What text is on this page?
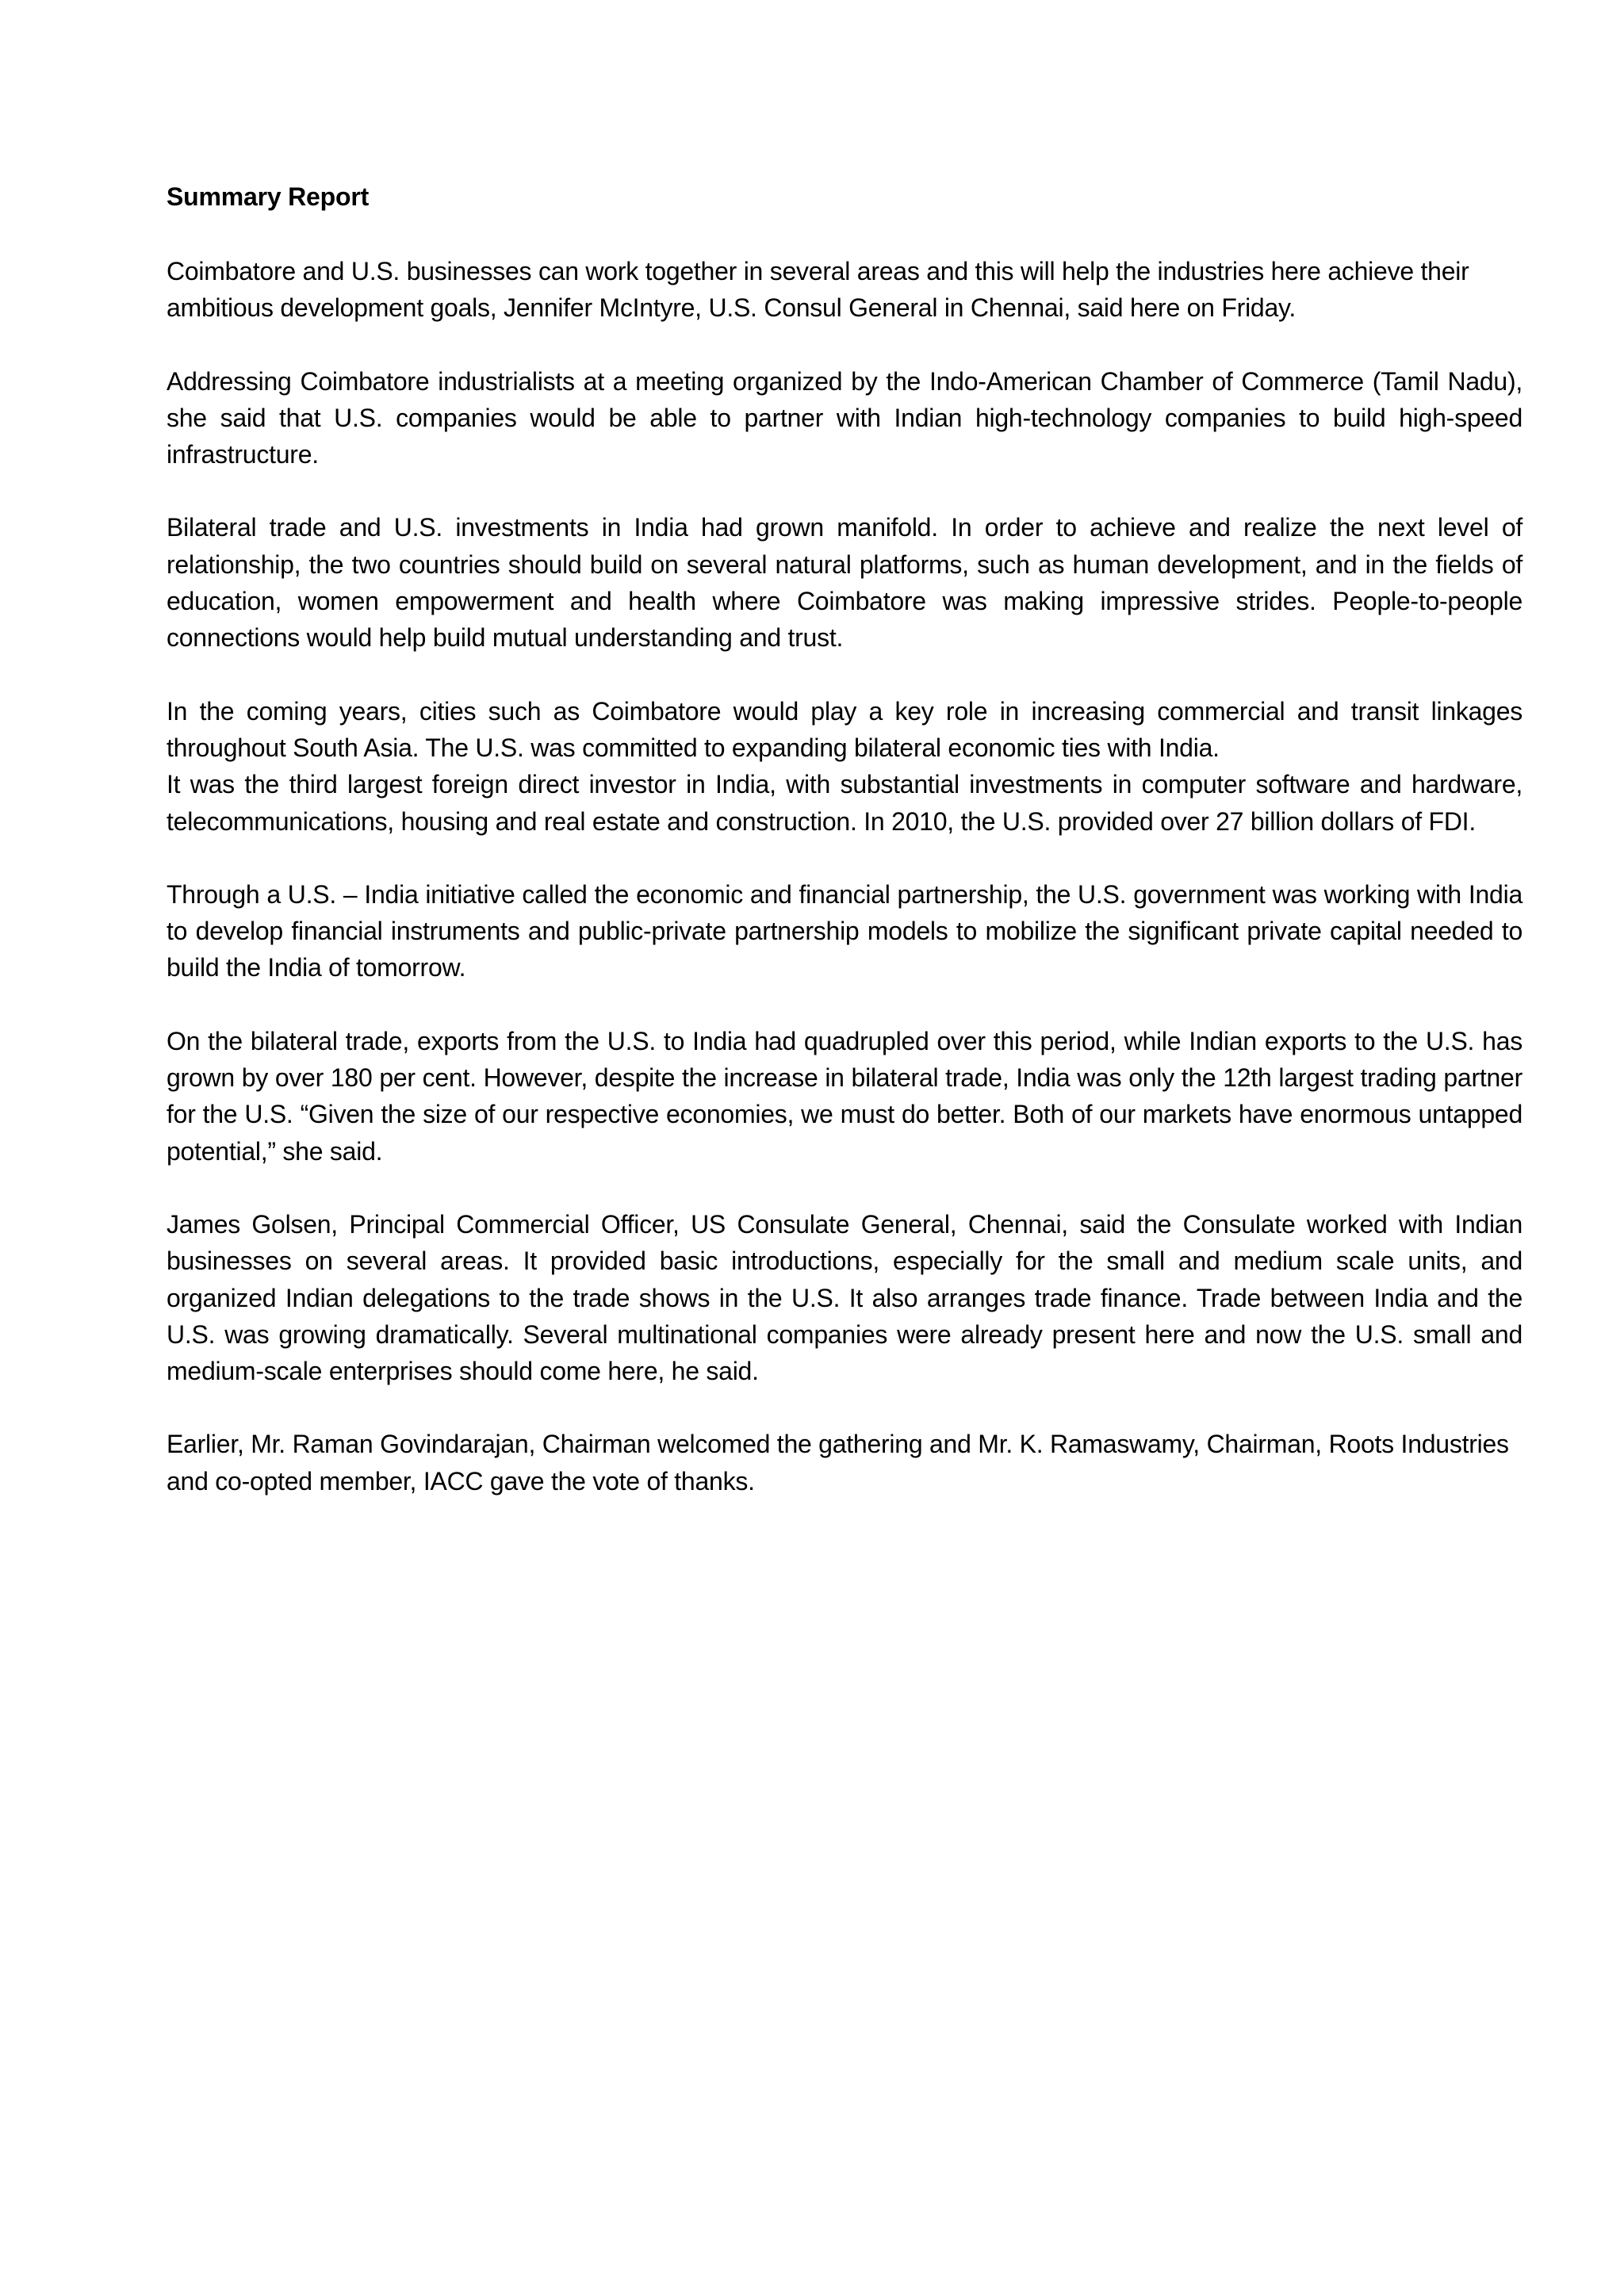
Summary Report

Coimbatore and U.S. businesses can work together in several areas and this will help the industries here achieve their ambitious development goals, Jennifer McIntyre, U.S. Consul General in Chennai, said here on Friday.

Addressing Coimbatore industrialists at a meeting organized by the Indo-American Chamber of Commerce (Tamil Nadu), she said that U.S. companies would be able to partner with Indian high-technology companies to build high-speed infrastructure.

Bilateral trade and U.S. investments in India had grown manifold. In order to achieve and realize the next level of relationship, the two countries should build on several natural platforms, such as human development, and in the fields of education, women empowerment and health where Coimbatore was making impressive strides. People-to-people connections would help build mutual understanding and trust.

In the coming years, cities such as Coimbatore would play a key role in increasing commercial and transit linkages throughout South Asia. The U.S. was committed to expanding bilateral economic ties with India.

It was the third largest foreign direct investor in India, with substantial investments in computer software and hardware, telecommunications, housing and real estate and construction. In 2010, the U.S. provided over 27 billion dollars of FDI.

Through a U.S. – India initiative called the economic and financial partnership, the U.S. government was working with India to develop financial instruments and public-private partnership models to mobilize the significant private capital needed to build the India of tomorrow.

On the bilateral trade, exports from the U.S. to India had quadrupled over this period, while Indian exports to the U.S. has grown by over 180 per cent. However, despite the increase in bilateral trade, India was only the 12th largest trading partner for the U.S. “Given the size of our respective economies, we must do better. Both of our markets have enormous untapped potential,” she said.

James Golsen, Principal Commercial Officer, US Consulate General, Chennai, said the Consulate worked with Indian businesses on several areas. It provided basic introductions, especially for the small and medium scale units, and organized Indian delegations to the trade shows in the U.S. It also arranges trade finance. Trade between India and the U.S. was growing dramatically. Several multinational companies were already present here and now the U.S. small and medium-scale enterprises should come here, he said.

Earlier, Mr. Raman Govindarajan, Chairman welcomed the gathering and Mr. K. Ramaswamy, Chairman, Roots Industries and co-opted member, IACC gave the vote of thanks.
